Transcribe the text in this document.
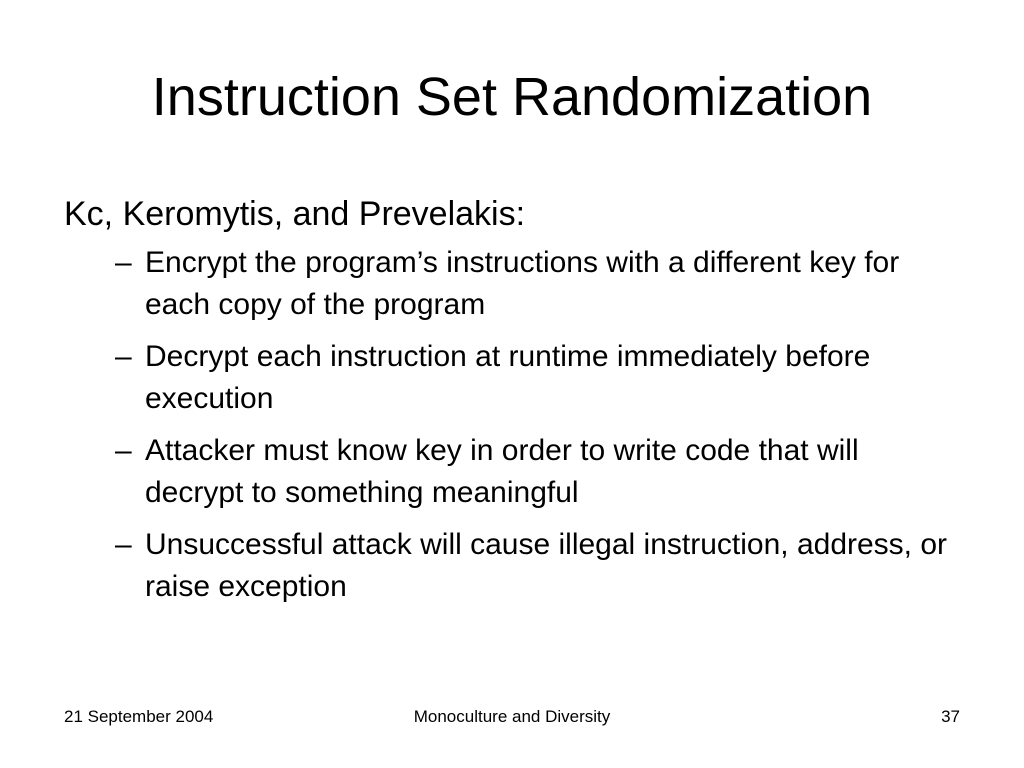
Instruction Set Randomization
Kc, Keromytis, and Prevelakis:
– Encrypt the program’s instructions with a different key for each copy of the program
– Decrypt each instruction at runtime immediately before execution
– Attacker must know key in order to write code that will decrypt to something meaningful
– Unsuccessful attack will cause illegal instruction, address, or raise exception
21 September 2004	Monoculture and Diversity	37
